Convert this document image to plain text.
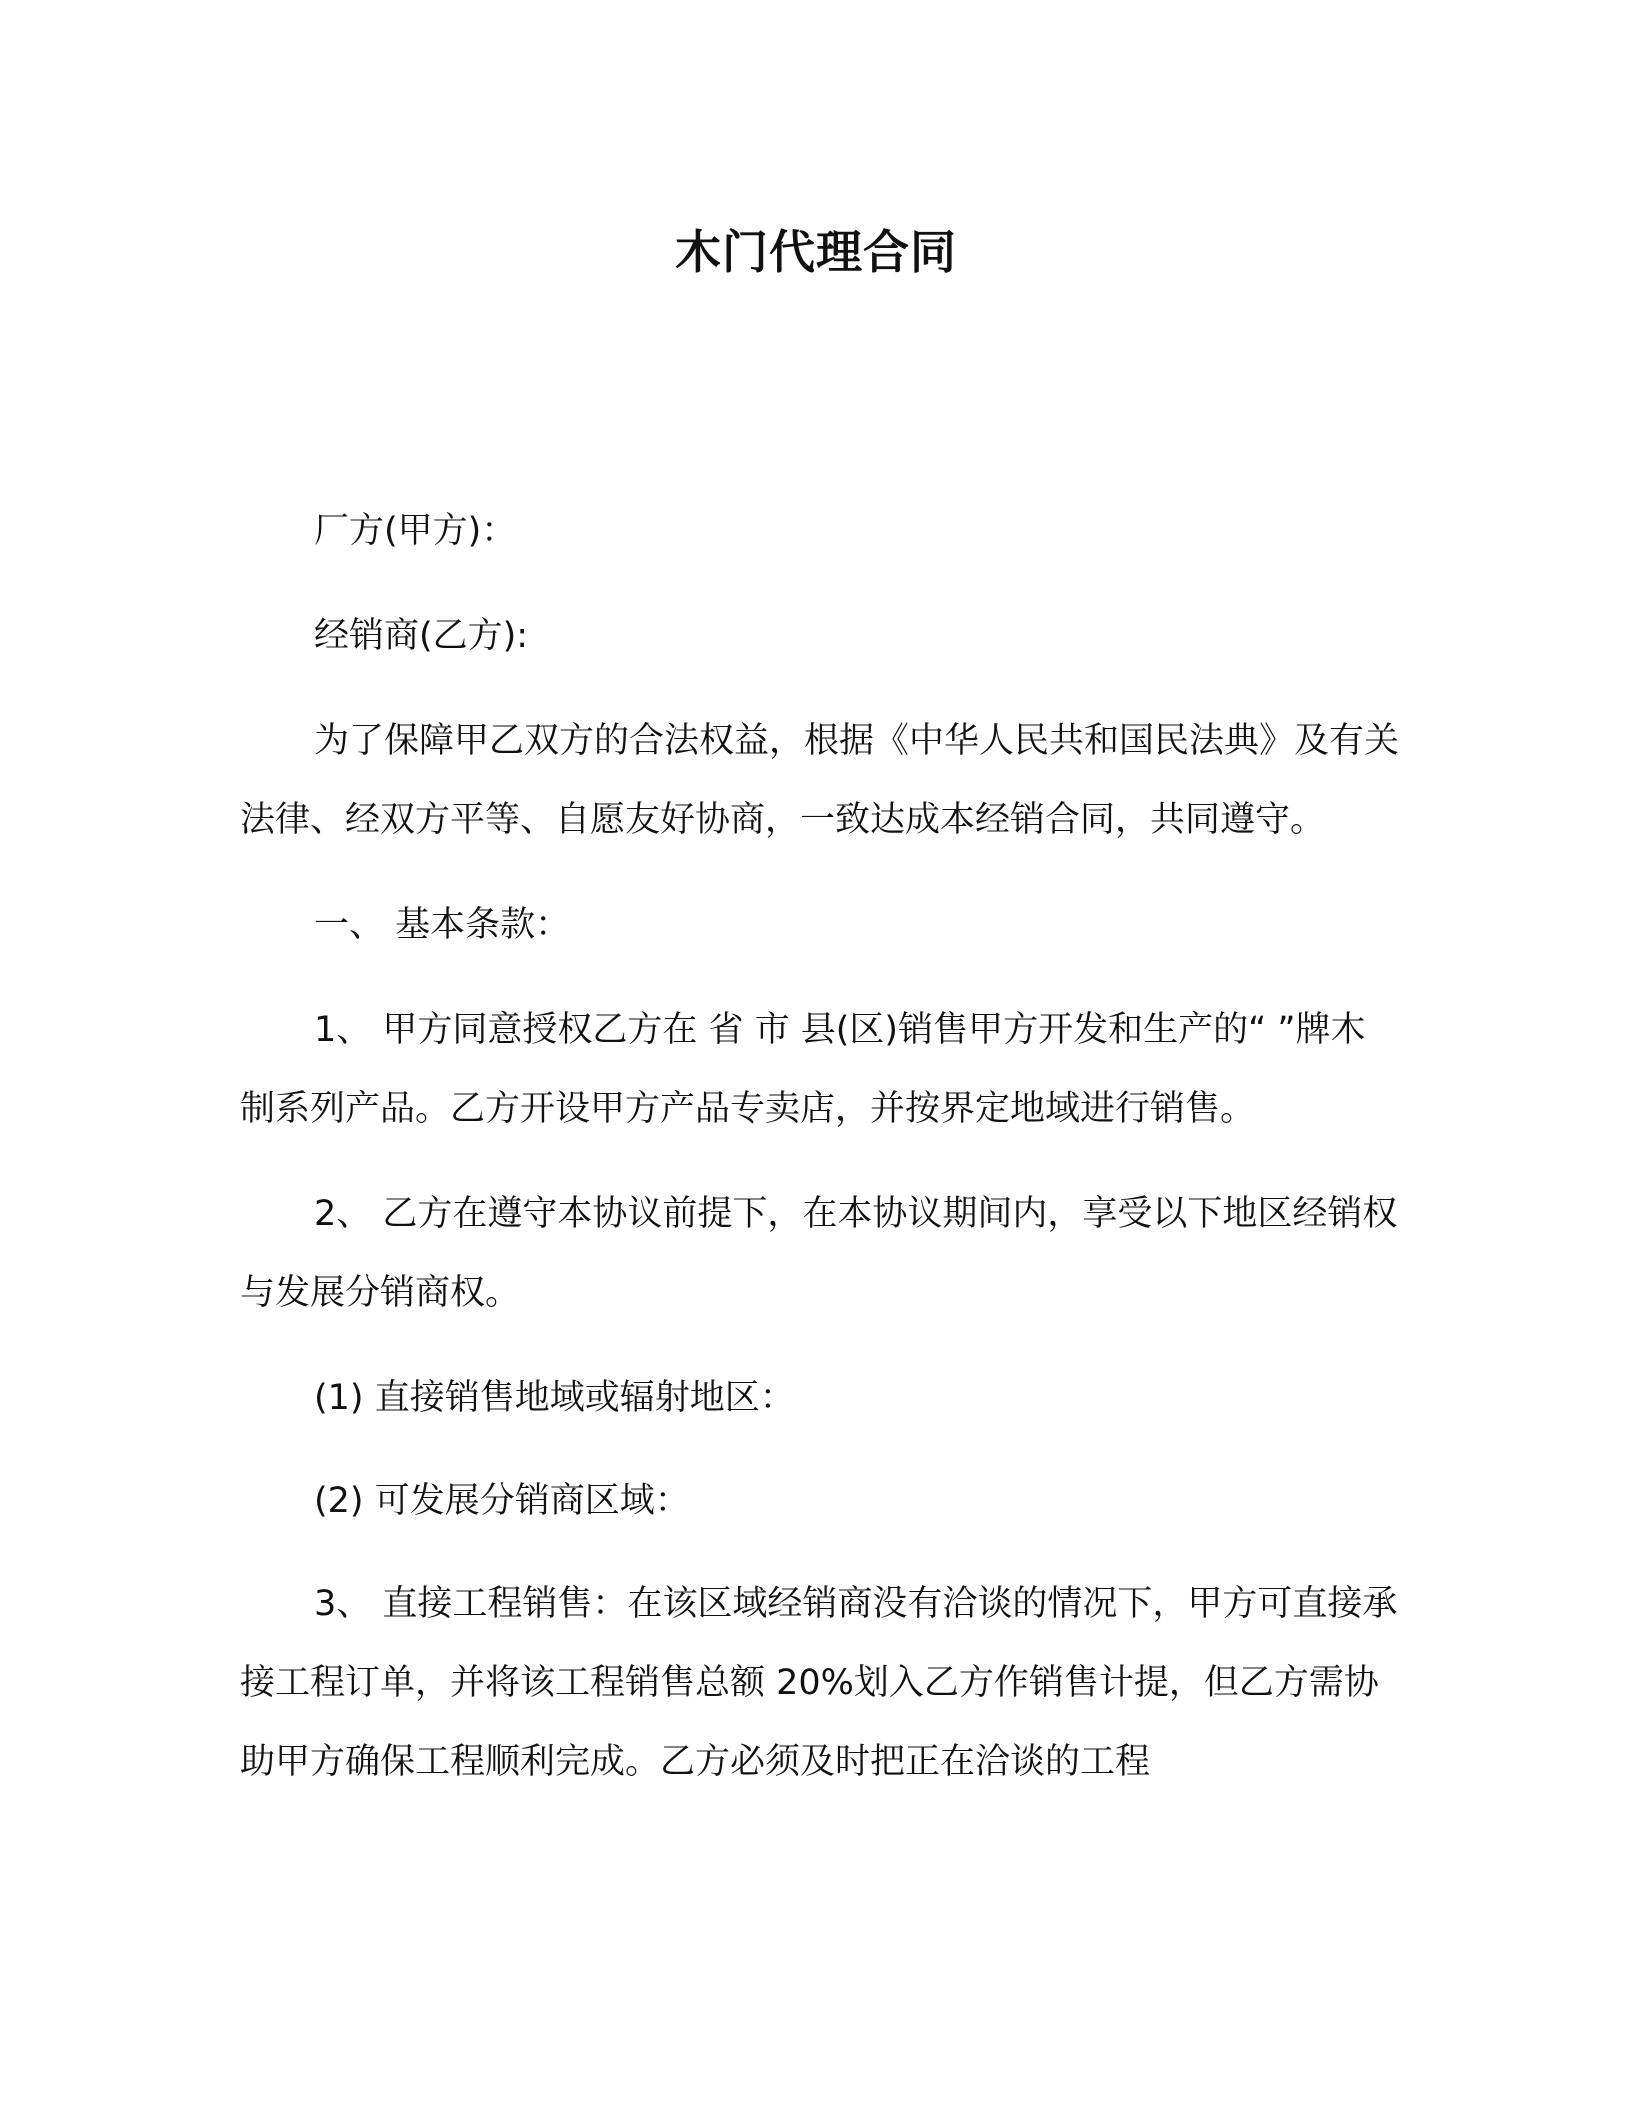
木门代理合同

厂方(甲方)：

经销商(乙方):

为了保障甲乙双方的合法权益，根据《中华人民共和国民法典》及有关法律、经双方平等、自愿友好协商，一致达成本经销合同，共同遵守。

一、 基本条款：

1、 甲方同意授权乙方在 省 市 县(区)销售甲方开发和生产的“ ”牌木制系列产品。乙方开设甲方产品专卖店，并按界定地域进行销售。

2、 乙方在遵守本协议前提下，在本协议期间内，享受以下地区经销权与发展分销商权。

(1) 直接销售地域或辐射地区：

(2) 可发展分销商区域：

3、 直接工程销售：在该区域经销商没有洽谈的情况下，甲方可直接承接工程订单，并将该工程销售总额 20%划入乙方作销售计提，但乙方需协助甲方确保工程顺利完成。乙方必须及时把正在洽谈的工程
